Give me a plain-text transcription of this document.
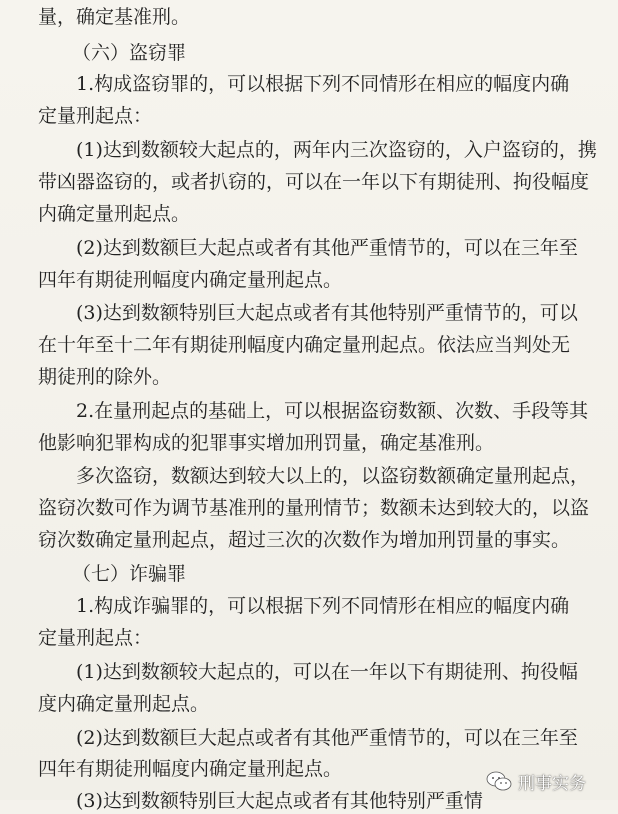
量，确定基准刑。
（六）盗窃罪
1.构成盗窃罪的，可以根据下列不同情形在相应的幅度内确
定量刑起点：
(1)达到数额较大起点的，两年内三次盗窃的，入户盗窃的，携
带凶器盗窃的，或者扒窃的，可以在一年以下有期徒刑、拘役幅度
内确定量刑起点。
(2)达到数额巨大起点或者有其他严重情节的，可以在三年至
四年有期徒刑幅度内确定量刑起点。
(3)达到数额特别巨大起点或者有其他特别严重情节的，可以
在十年至十二年有期徒刑幅度内确定量刑起点。依法应当判处无
期徒刑的除外。
2.在量刑起点的基础上，可以根据盗窃数额、次数、手段等其
他影响犯罪构成的犯罪事实增加刑罚量，确定基准刑。
多次盗窃，数额达到较大以上的，以盗窃数额确定量刑起点，
盗窃次数可作为调节基准刑的量刑情节；数额未达到较大的，以盗
窃次数确定量刑起点，超过三次的次数作为增加刑罚量的事实。
（七）诈骗罪
1.构成诈骗罪的，可以根据下列不同情形在相应的幅度内确
定量刑起点：
(1)达到数额较大起点的，可以在一年以下有期徒刑、拘役幅
度内确定量刑起点。
(2)达到数额巨大起点或者有其他严重情节的，可以在三年至
四年有期徒刑幅度内确定量刑起点。
(3)达到数额特别巨大起点或者有其他特别严重情
刑事实务
